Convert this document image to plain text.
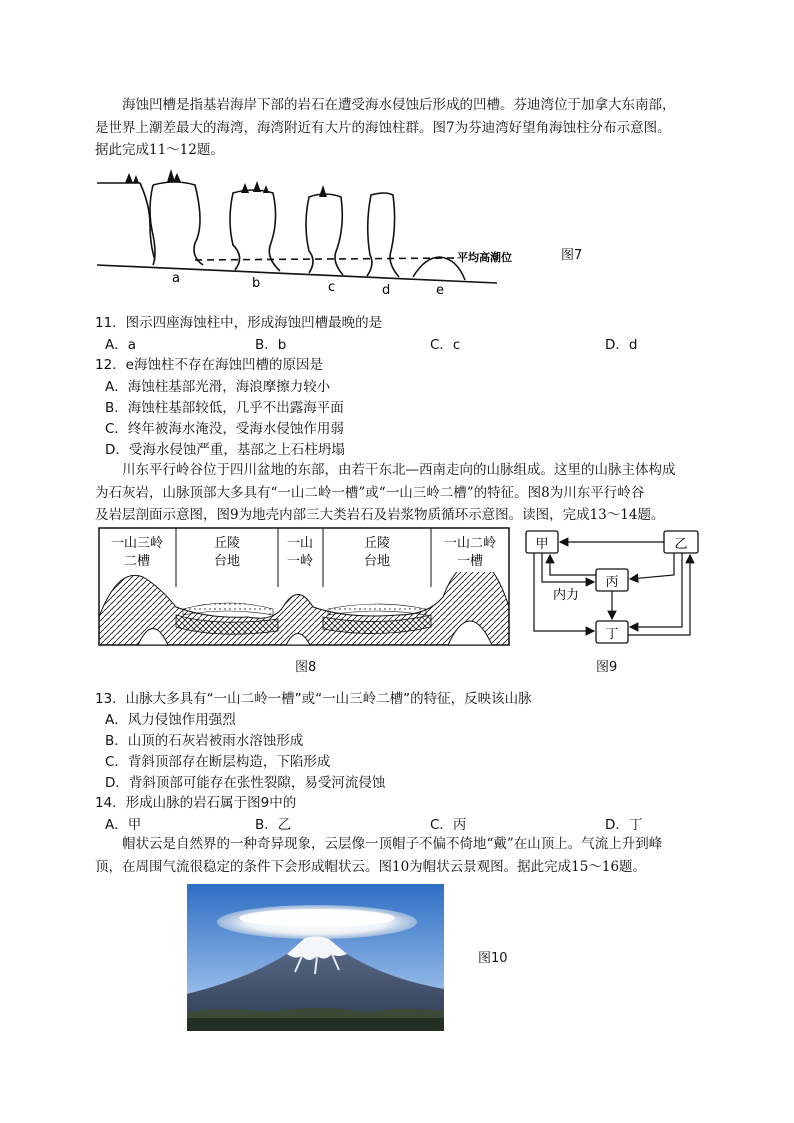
海蚀凹槽是指基岩海岸下部的岩石在遭受海水侵蚀后形成的凹槽。芬迪湾位于加拿大东南部，
是世界上潮差最大的海湾，海湾附近有大片的海蚀柱群。图7为芬迪湾好望角海蚀柱分布示意图。
据此完成11～12题。
平均高潮位
a	b	c	d	e
图7
11．图示四座海蚀柱中，形成海蚀凹槽最晚的是
A．a	B．b	C．c	D．d
12．e海蚀柱不存在海蚀凹槽的原因是
A．海蚀柱基部光滑，海浪摩擦力较小
B．海蚀柱基部较低，几乎不出露海平面
C．终年被海水淹没，受海水侵蚀作用弱
D．受海水侵蚀严重，基部之上石柱坍塌
川东平行岭谷位于四川盆地的东部，由若干东北—西南走向的山脉组成。这里的山脉主体构成
为石灰岩，山脉顶部大多具有“一山二岭一槽”或“一山三岭二槽”的特征。图8为川东平行岭谷
及岩层剖面示意图，图9为地壳内部三大类岩石及岩浆物质循环示意图。读图，完成13～14题。
一山三岭
二槽
丘陵
台地
一山
一岭
丘陵
台地
一山二岭
一槽
图8
甲	乙
丙
丁
内力
图9
13．山脉大多具有“一山二岭一槽”或“一山三岭二槽”的特征，反映该山脉
A．风力侵蚀作用强烈
B．山顶的石灰岩被雨水溶蚀形成
C．背斜顶部存在断层构造，下陷形成
D．背斜顶部可能存在张性裂隙，易受河流侵蚀
14．形成山脉的岩石属于图9中的
A．甲	B．乙	C．丙	D．丁
帽状云是自然界的一种奇异现象，云层像一顶帽子不偏不倚地“戴”在山顶上。气流上升到峰
顶，在周围气流很稳定的条件下会形成帽状云。图10为帽状云景观图。据此完成15～16题。
图10
